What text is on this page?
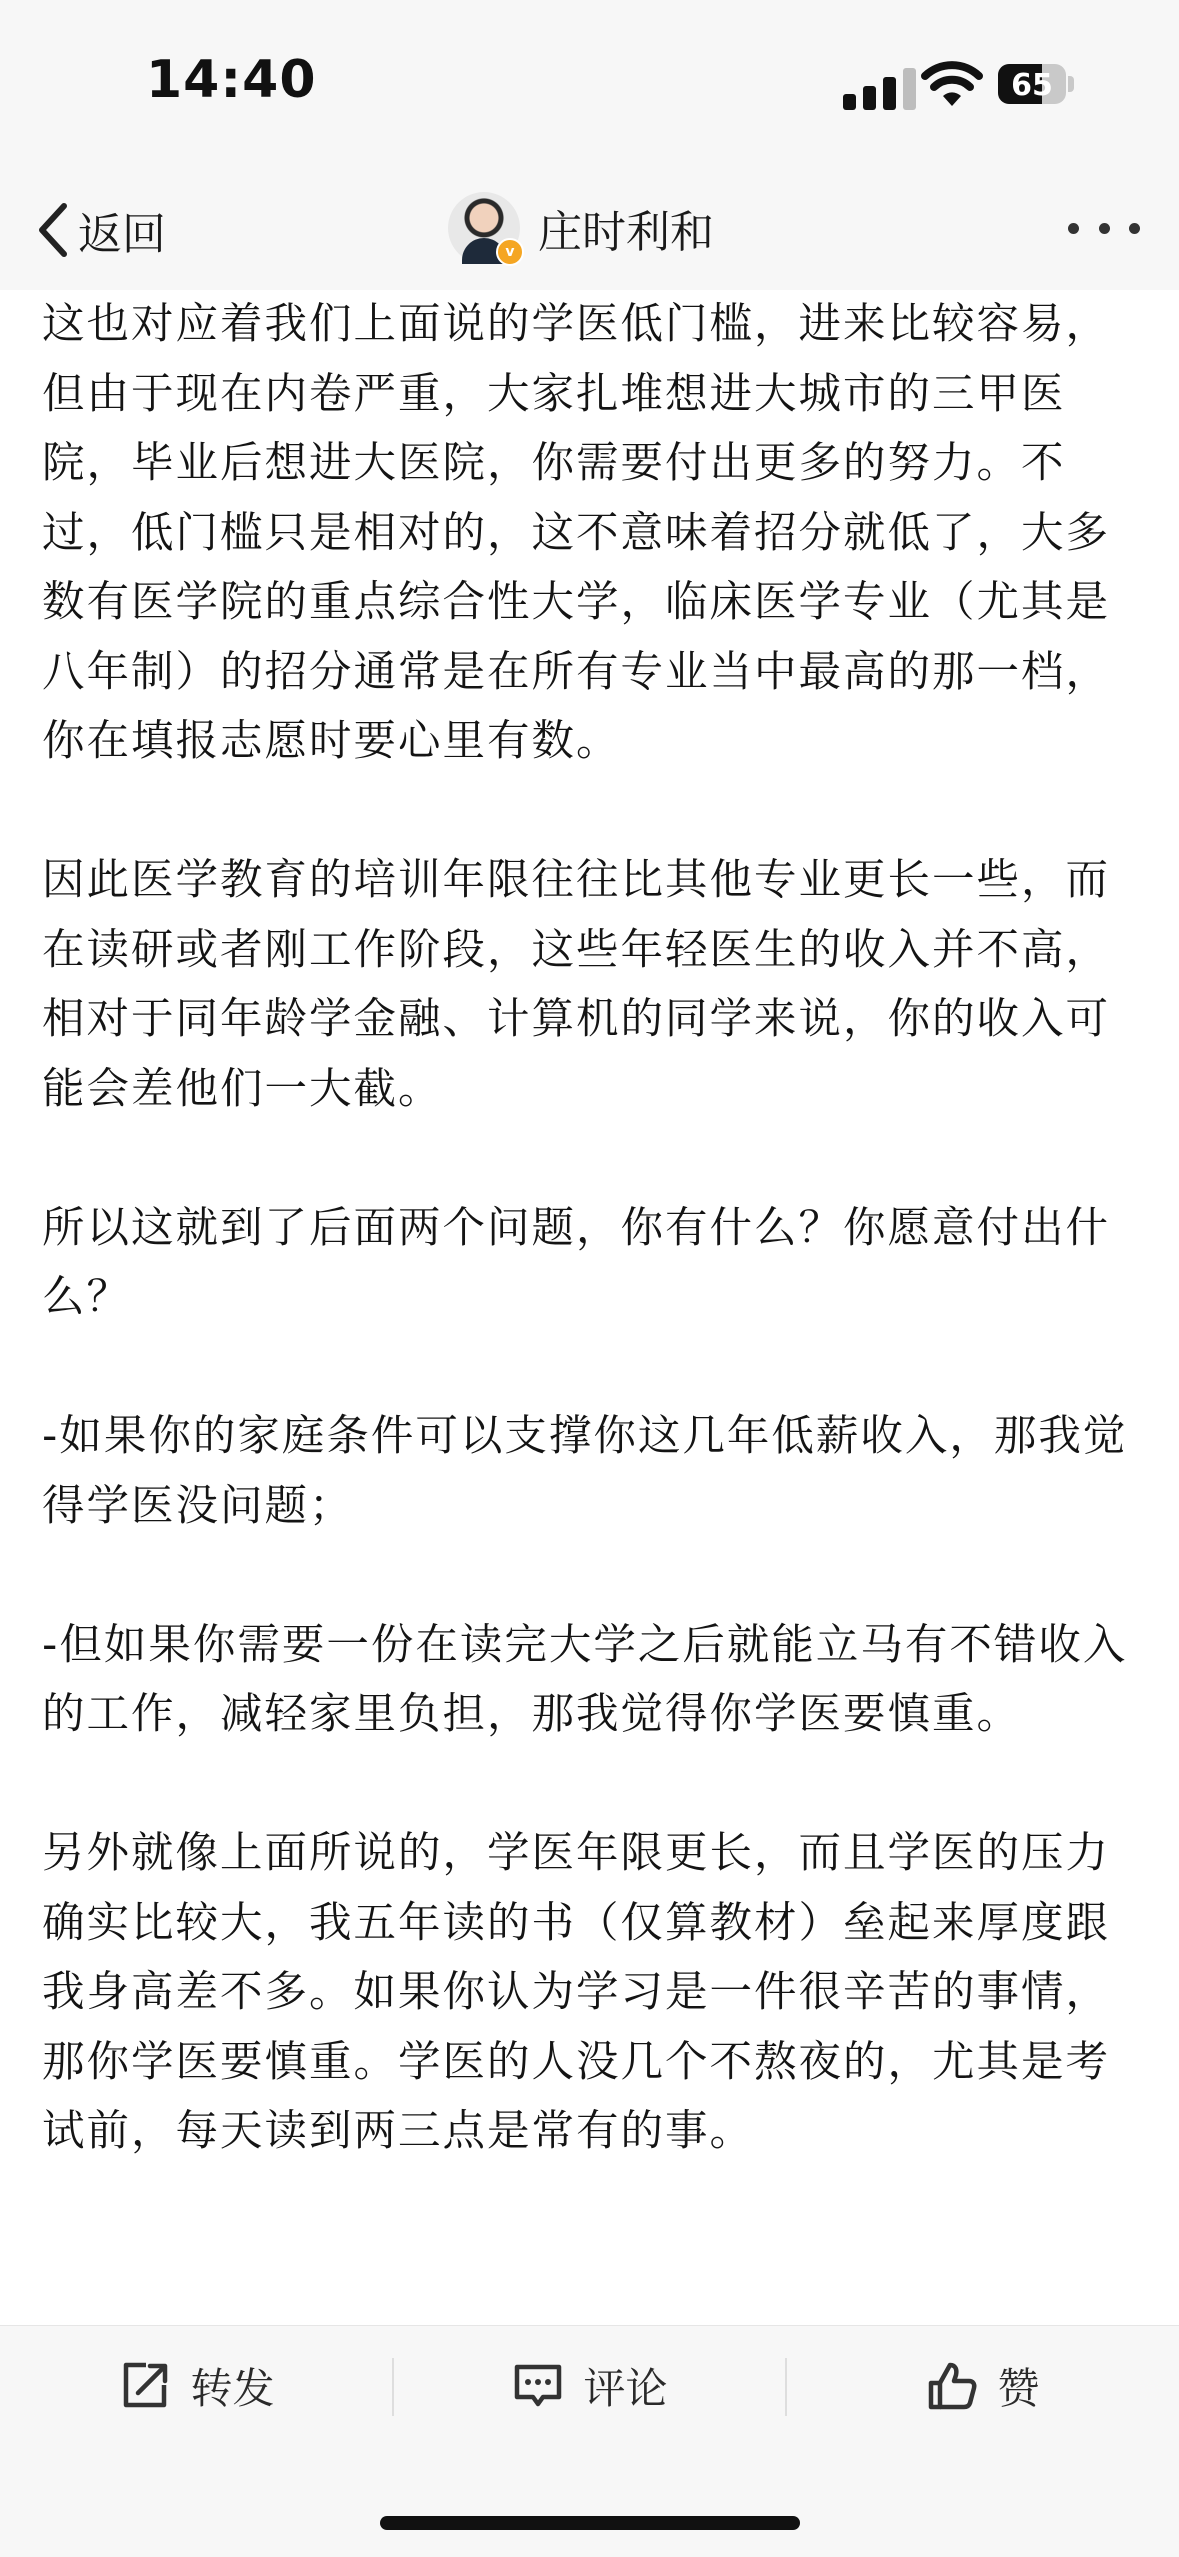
14:40	65
返回	v 庄时利和

这也对应着我们上面说的学医低门槛，进来比较容易，但由于现在内卷严重，大家扎堆想进大城市的三甲医院，毕业后想进大医院，你需要付出更多的努力。不过，低门槛只是相对的，这不意味着招分就低了，大多数有医学院的重点综合性大学，临床医学专业（尤其是八年制）的招分通常是在所有专业当中最高的那一档，你在填报志愿时要心里有数。

因此医学教育的培训年限往往比其他专业更长一些，而在读研或者刚工作阶段，这些年轻医生的收入并不高，相对于同年龄学金融、计算机的同学来说，你的收入可能会差他们一大截。

所以这就到了后面两个问题，你有什么？你愿意付出什么？

-如果你的家庭条件可以支撑你这几年低薪收入，那我觉得学医没问题；

-但如果你需要一份在读完大学之后就能立马有不错收入的工作，减轻家里负担，那我觉得你学医要慎重。

另外就像上面所说的，学医年限更长，而且学医的压力确实比较大，我五年读的书（仅算教材）垒起来厚度跟我身高差不多。如果你认为学习是一件很辛苦的事情，那你学医要慎重。学医的人没几个不熬夜的，尤其是考试前，每天读到两三点是常有的事。

转发	评论	赞
